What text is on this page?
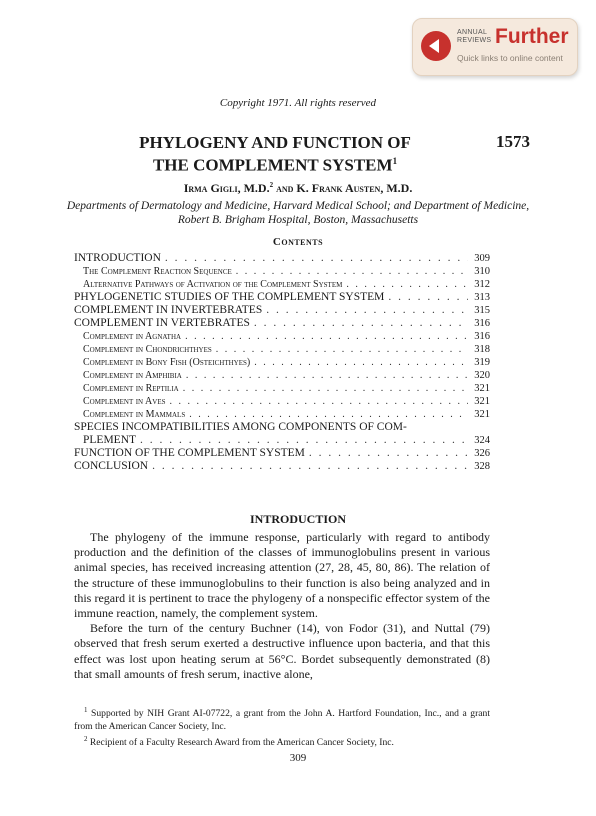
ANNUAL REVIEWS Further
Quick links to online content
Copyright 1971. All rights reserved
1573
PHYLOGENY AND FUNCTION OF
THE COMPLEMENT SYSTEM$^1$
Irma Gigli, M.D.$^2$ and K. Frank Austen, M.D.
Departments of Dermatology and Medicine, Harvard Medical School; and Department of Medicine, Robert B. Brigham Hospital, Boston, Massachusetts
Contents
INTRODUCTION . . .	309
The Complement Reaction Sequence . . .	310
Alternative Pathways of Activation of the Complement System . . .	312
PHYLOGENETIC STUDIES OF THE COMPLEMENT SYSTEM . . .	313
COMPLEMENT IN INVERTEBRATES . . .	315
COMPLEMENT IN VERTEBRATES . . .	316
Complement in Agnatha . . .	316
Complement in Chondrichthyes . . .	318
Complement in Bony Fish (Osteichthyes) . . .	319
Complement in Amphibia . . .	320
Complement in Reptilia . . .	321
Complement in Aves . . .	321
Complement in Mammals . . .	321
SPECIES INCOMPATIBILITIES AMONG COMPONENTS OF COM-
PLEMENT . . .	324
FUNCTION OF THE COMPLEMENT SYSTEM . . .	326
CONCLUSION . . .	328
INTRODUCTION

The phylogeny of the immune response, particularly with regard to antibody production and the definition of the classes of immunoglobulins present in various animal species, has received increasing attention (27, 28, 45, 80, 86). The relation of the structure of these immunoglobulins to their function is also being analyzed and in this regard it is pertinent to trace the phylogeny of a nonspecific effector system of the immune reaction, namely, the complement system.

Before the turn of the century Buchner (14), von Fodor (31), and Nuttal (79) observed that fresh serum exerted a destructive influence upon bacteria, and that this effect was lost upon heating serum at 56°C. Bordet subsequently demonstrated (8) that small amounts of fresh serum, inactive alone,

$^1$ Supported by NIH Grant AI-07722, a grant from the John A. Hartford Foundation, Inc., and a grant from the American Cancer Society, Inc.

$^2$ Recipient of a Faculty Research Award from the American Cancer Society, Inc.

309
